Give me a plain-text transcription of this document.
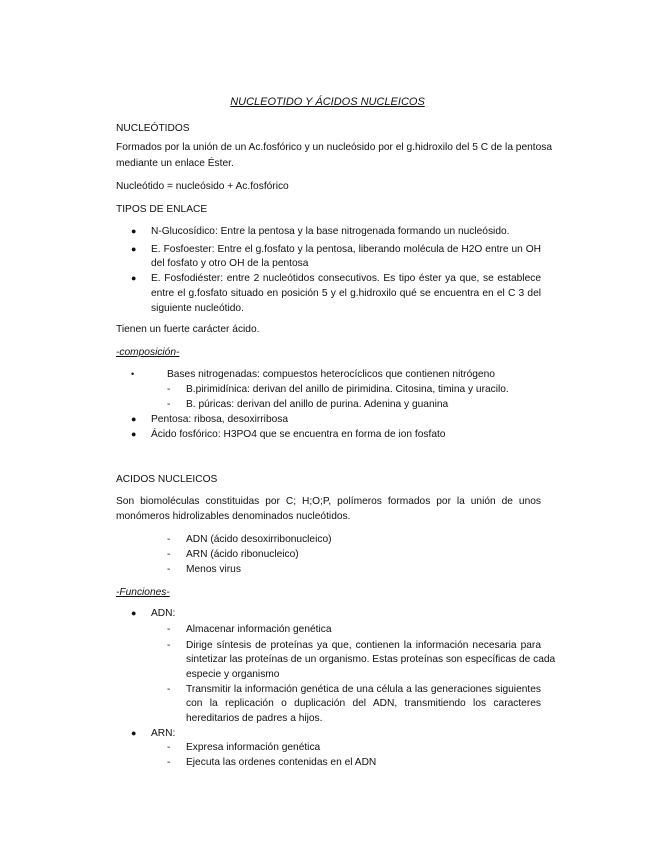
NUCLEOTIDO Y ÁCIDOS NUCLEICOS
NUCLEÓTIDOS
Formados por la unión de un Ac.fosfórico y un nucleósido por el g.hidroxilo del 5 C de la pentosa
mediante un enlace Éster.
Nucleótido = nucleósido + Ac.fosfórico
TIPOS DE ENLACE
● N-Glucosídico: Entre la pentosa y la base nitrogenada formando un nucleósido.
● E. Fosfoester: Entre el g.fosfato y la pentosa, liberando molécula de H2O entre un OH
del fosfato y otro OH de la pentosa
● E. Fosfodiéster: entre 2 nucleótidos consecutivos. Es tipo éster ya que, se establece
entre el g.fosfato situado en posición 5 y el g.hidroxilo qué se encuentra en el C 3 del
siguiente nucleótido.
Tienen un fuerte carácter ácido.
-composición-
•	Bases nitrogenadas: compuestos heterocíclicos que contienen nitrógeno
- B.pirimidínica: derivan del anillo de pirimidina. Citosina, timina y uracilo.
- B. púricas: derivan del anillo de purina. Adenina y guanina
● Pentosa: ribosa, desoxirribosa
● Ácido fosfórico: H3PO4 que se encuentra en forma de ion fosfato
ACIDOS NUCLEICOS
Son biomoléculas constituidas por C; H;O;P, polímeros formados por la unión de unos
monómeros hidrolizables denominados nucleótidos.
- ADN (ácido desoxirribonucleico)
- ARN (ácido ribonucleico)
- Menos virus
-Funciones-
● ADN:
- Almacenar información genética
- Dirige síntesis de proteínas ya que, contienen la información necesaria para
sintetizar las proteínas de un organismo. Estas proteínas son específicas de cada
especie y organismo
- Transmitir la información genética de una célula a las generaciones siguientes
con la replicación o duplicación del ADN, transmitiendo los caracteres
hereditarios de padres a hijos.
● ARN:
- Expresa información genética
- Ejecuta las ordenes contenidas en el ADN
